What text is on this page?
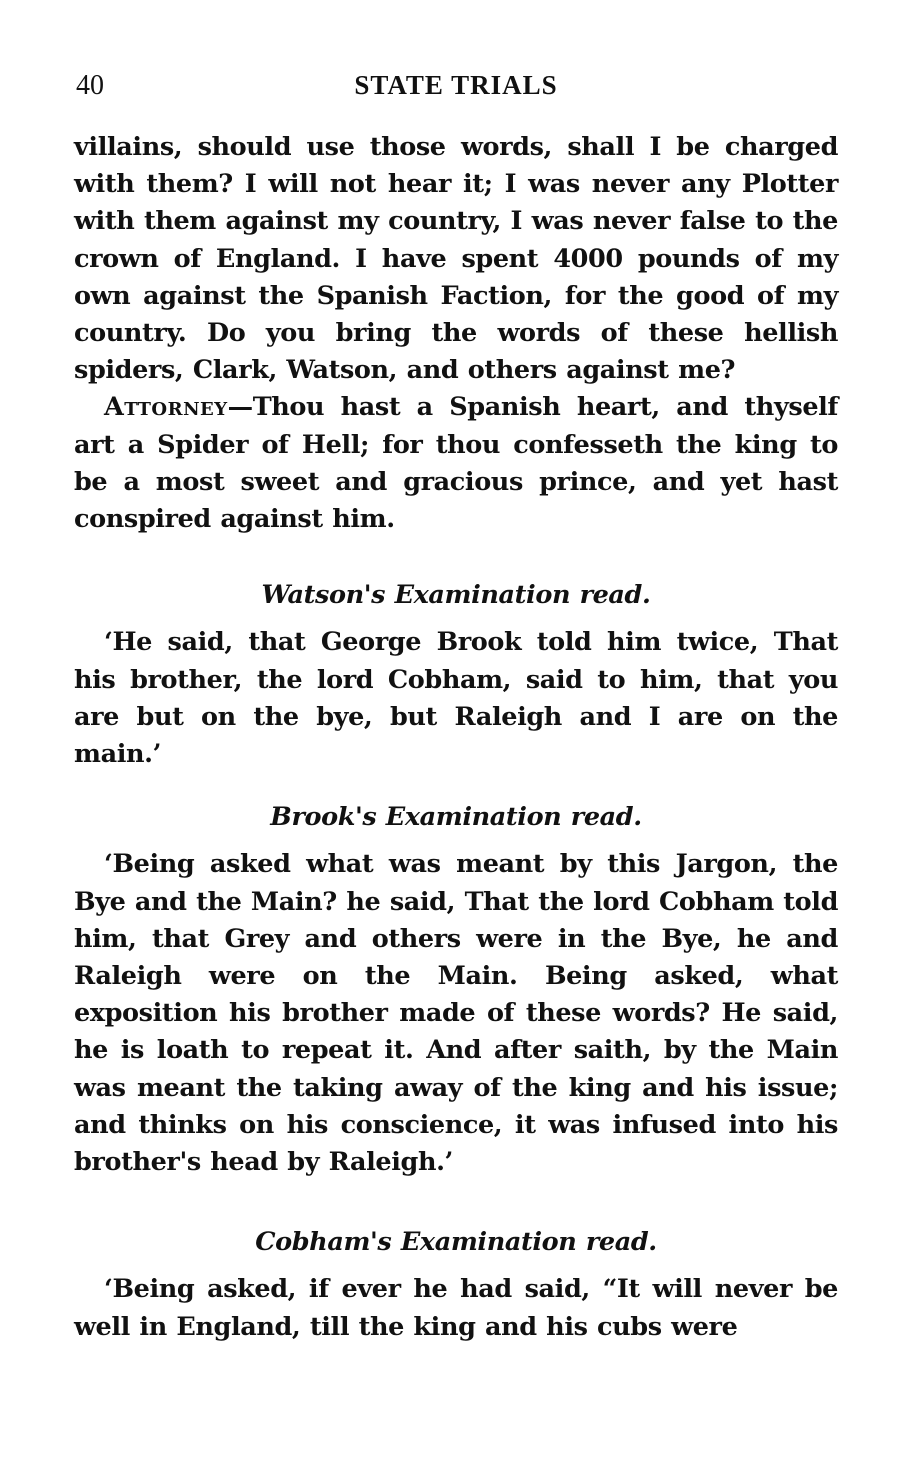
40	STATE TRIALS

villains, should use those words, shall I be charged with them? I will not hear it; I was never any Plotter with them against my country, I was never false to the crown of England. I have spent 4000 pounds of my own against the Spanish Faction, for the good of my country. Do you bring the words of these hellish spiders, Clark, Watson, and others against me?

Attorney—Thou hast a Spanish heart, and thyself art a Spider of Hell; for thou confesseth the king to be a most sweet and gracious prince, and yet hast conspired against him.

Watson's Examination read.

‘He said, that George Brook told him twice, That his brother, the lord Cobham, said to him, that you are but on the bye, but Raleigh and I are on the main.’

Brook's Examination read.

‘Being asked what was meant by this Jargon, the Bye and the Main? he said, That the lord Cobham told him, that Grey and others were in the Bye, he and Raleigh were on the Main. Being asked, what exposition his brother made of these words? He said, he is loath to repeat it. And after saith, by the Main was meant the taking away of the king and his issue; and thinks on his conscience, it was infused into his brother's head by Raleigh.’

Cobham's Examination read.

‘Being asked, if ever he had said, “It will never be well in England, till the king and his cubs were
